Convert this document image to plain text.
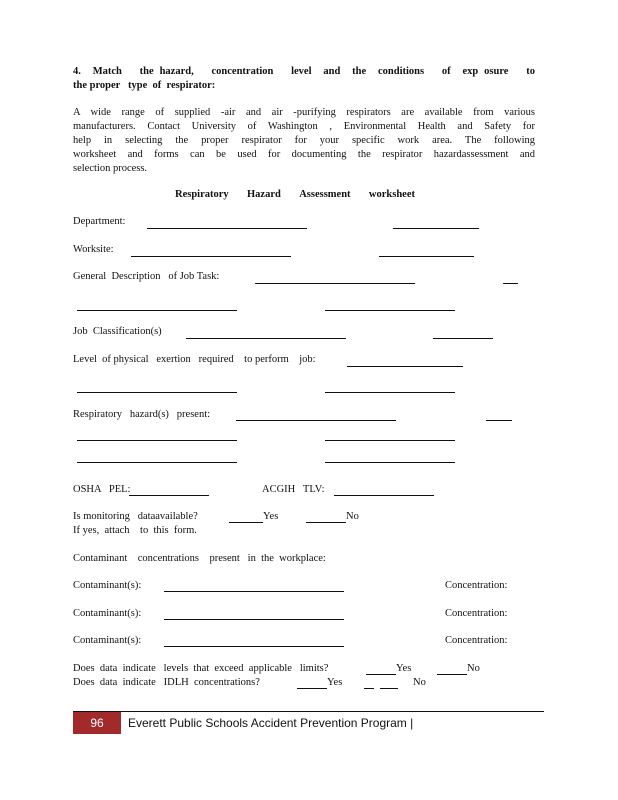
4.  Match   the hazard,   concentration   level  and  the  conditions   of  exp osure   to
the proper   type  of  respirator:
A wide range of supplied -air and air -purifying respirators are available from various
manufacturers. Contact University of Washington , Environmental Health and Safety for
help in selecting the proper respirator for your specific work area. The following
worksheet and forms can be used for documenting the respirator hazardassessment and
selection process.
Respiratory Hazard Assessment worksheet
Department:
Worksite:
General  Description   of Job Task:
Job  Classification(s)
Level  of physical   exertion   required    to perform    job:
Respiratory   hazard(s)   present:
OSHA   PEL:	ACGIH   TLV:
Is monitoring   dataavailable?	Yes	No
If yes,  attach    to  this  form.
Contaminant    concentrations    present   in  the  workplace:
Contaminant(s):	Concentration:
Contaminant(s):	Concentration:
Contaminant(s):	Concentration:
Does  data  indicate   levels  that  exceed  applicable   limits?	Yes	No
Does  data  indicate   IDLH  concentrations?	Yes	No
96	Everett Public Schools Accident Prevention Program |
